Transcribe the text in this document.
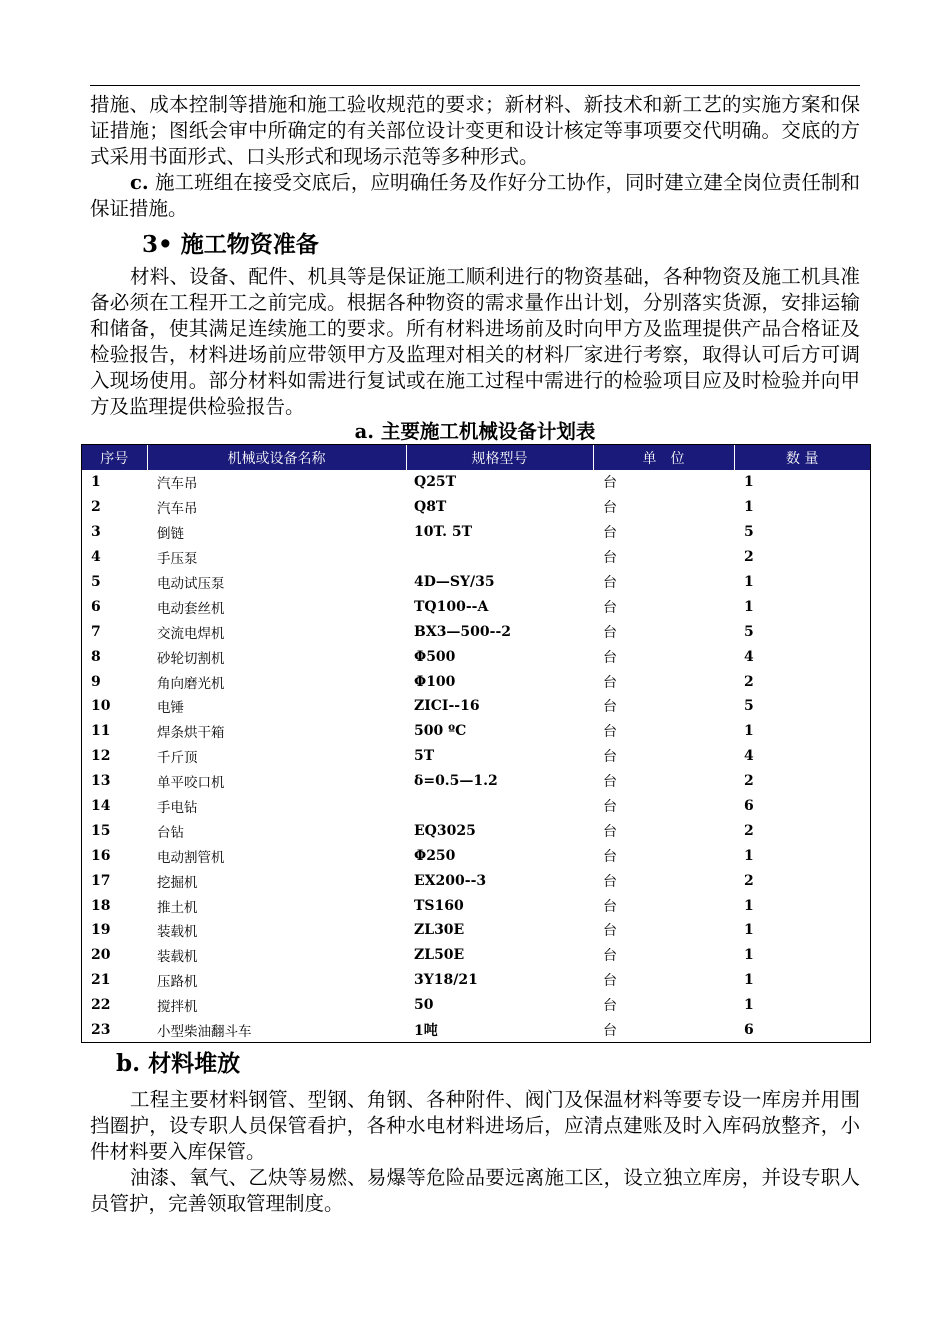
措施、成本控制等措施和施工验收规范的要求；新材料、新技术和新工艺的实施方案和保证措施；图纸会审中所确定的有关部位设计变更和设计核定等事项要交代明确。交底的方式采用书面形式、口头形式和现场示范等多种形式。

c. 施工班组在接受交底后，应明确任务及作好分工协作，同时建立建全岗位责任制和保证措施。

3• 施工物资准备

材料、设备、配件、机具等是保证施工顺利进行的物资基础，各种物资及施工机具准备必须在工程开工之前完成。根据各种物资的需求量作出计划，分别落实货源，安排运输和储备，使其满足连续施工的要求。所有材料进场前及时向甲方及监理提供产品合格证及检验报告，材料进场前应带领甲方及监理对相关的材料厂家进行考察，取得认可后方可调入现场使用。部分材料如需进行复试或在施工过程中需进行的检验项目应及时检验并向甲方及监理提供检验报告。

a. 主要施工机械设备计划表
序号	机械或设备名称	规格型号	单　位	数 量
1	汽车吊	Q25T	台	1
2	汽车吊	Q8T	台	1
3	倒链	10T. 5T	台	5
4	手压泵		台	2
5	电动试压泵	4D—SY/35	台	1
6	电动套丝机	TQ100--A	台	1
7	交流电焊机	BX3—500--2	台	5
8	砂轮切割机	Φ500	台	4
9	角向磨光机	Φ100	台	2
10	电锤	ZICI--16	台	5
11	焊条烘干箱	500 ºC	台	1
12	千斤顶	5T	台	4
13	单平咬口机	δ=0.5—1.2	台	2
14	手电钻		台	6
15	台钻	EQ3025	台	2
16	电动割管机	Φ250	台	1
17	挖掘机	EX200--3	台	2
18	推土机	TS160	台	1
19	装载机	ZL30E	台	1
20	装载机	ZL50E	台	1
21	压路机	3Y18/21	台	1
22	搅拌机	50	台	1
23	小型柴油翻斗车	1吨	台	6
b. 材料堆放

工程主要材料钢管、型钢、角钢、各种附件、阀门及保温材料等要专设一库房并用围挡圈护，设专职人员保管看护，各种水电材料进场后，应清点建账及时入库码放整齐，小件材料要入库保管。

油漆、氧气、乙炔等易燃、易爆等危险品要远离施工区，设立独立库房，并设专职人员管护，完善领取管理制度。
